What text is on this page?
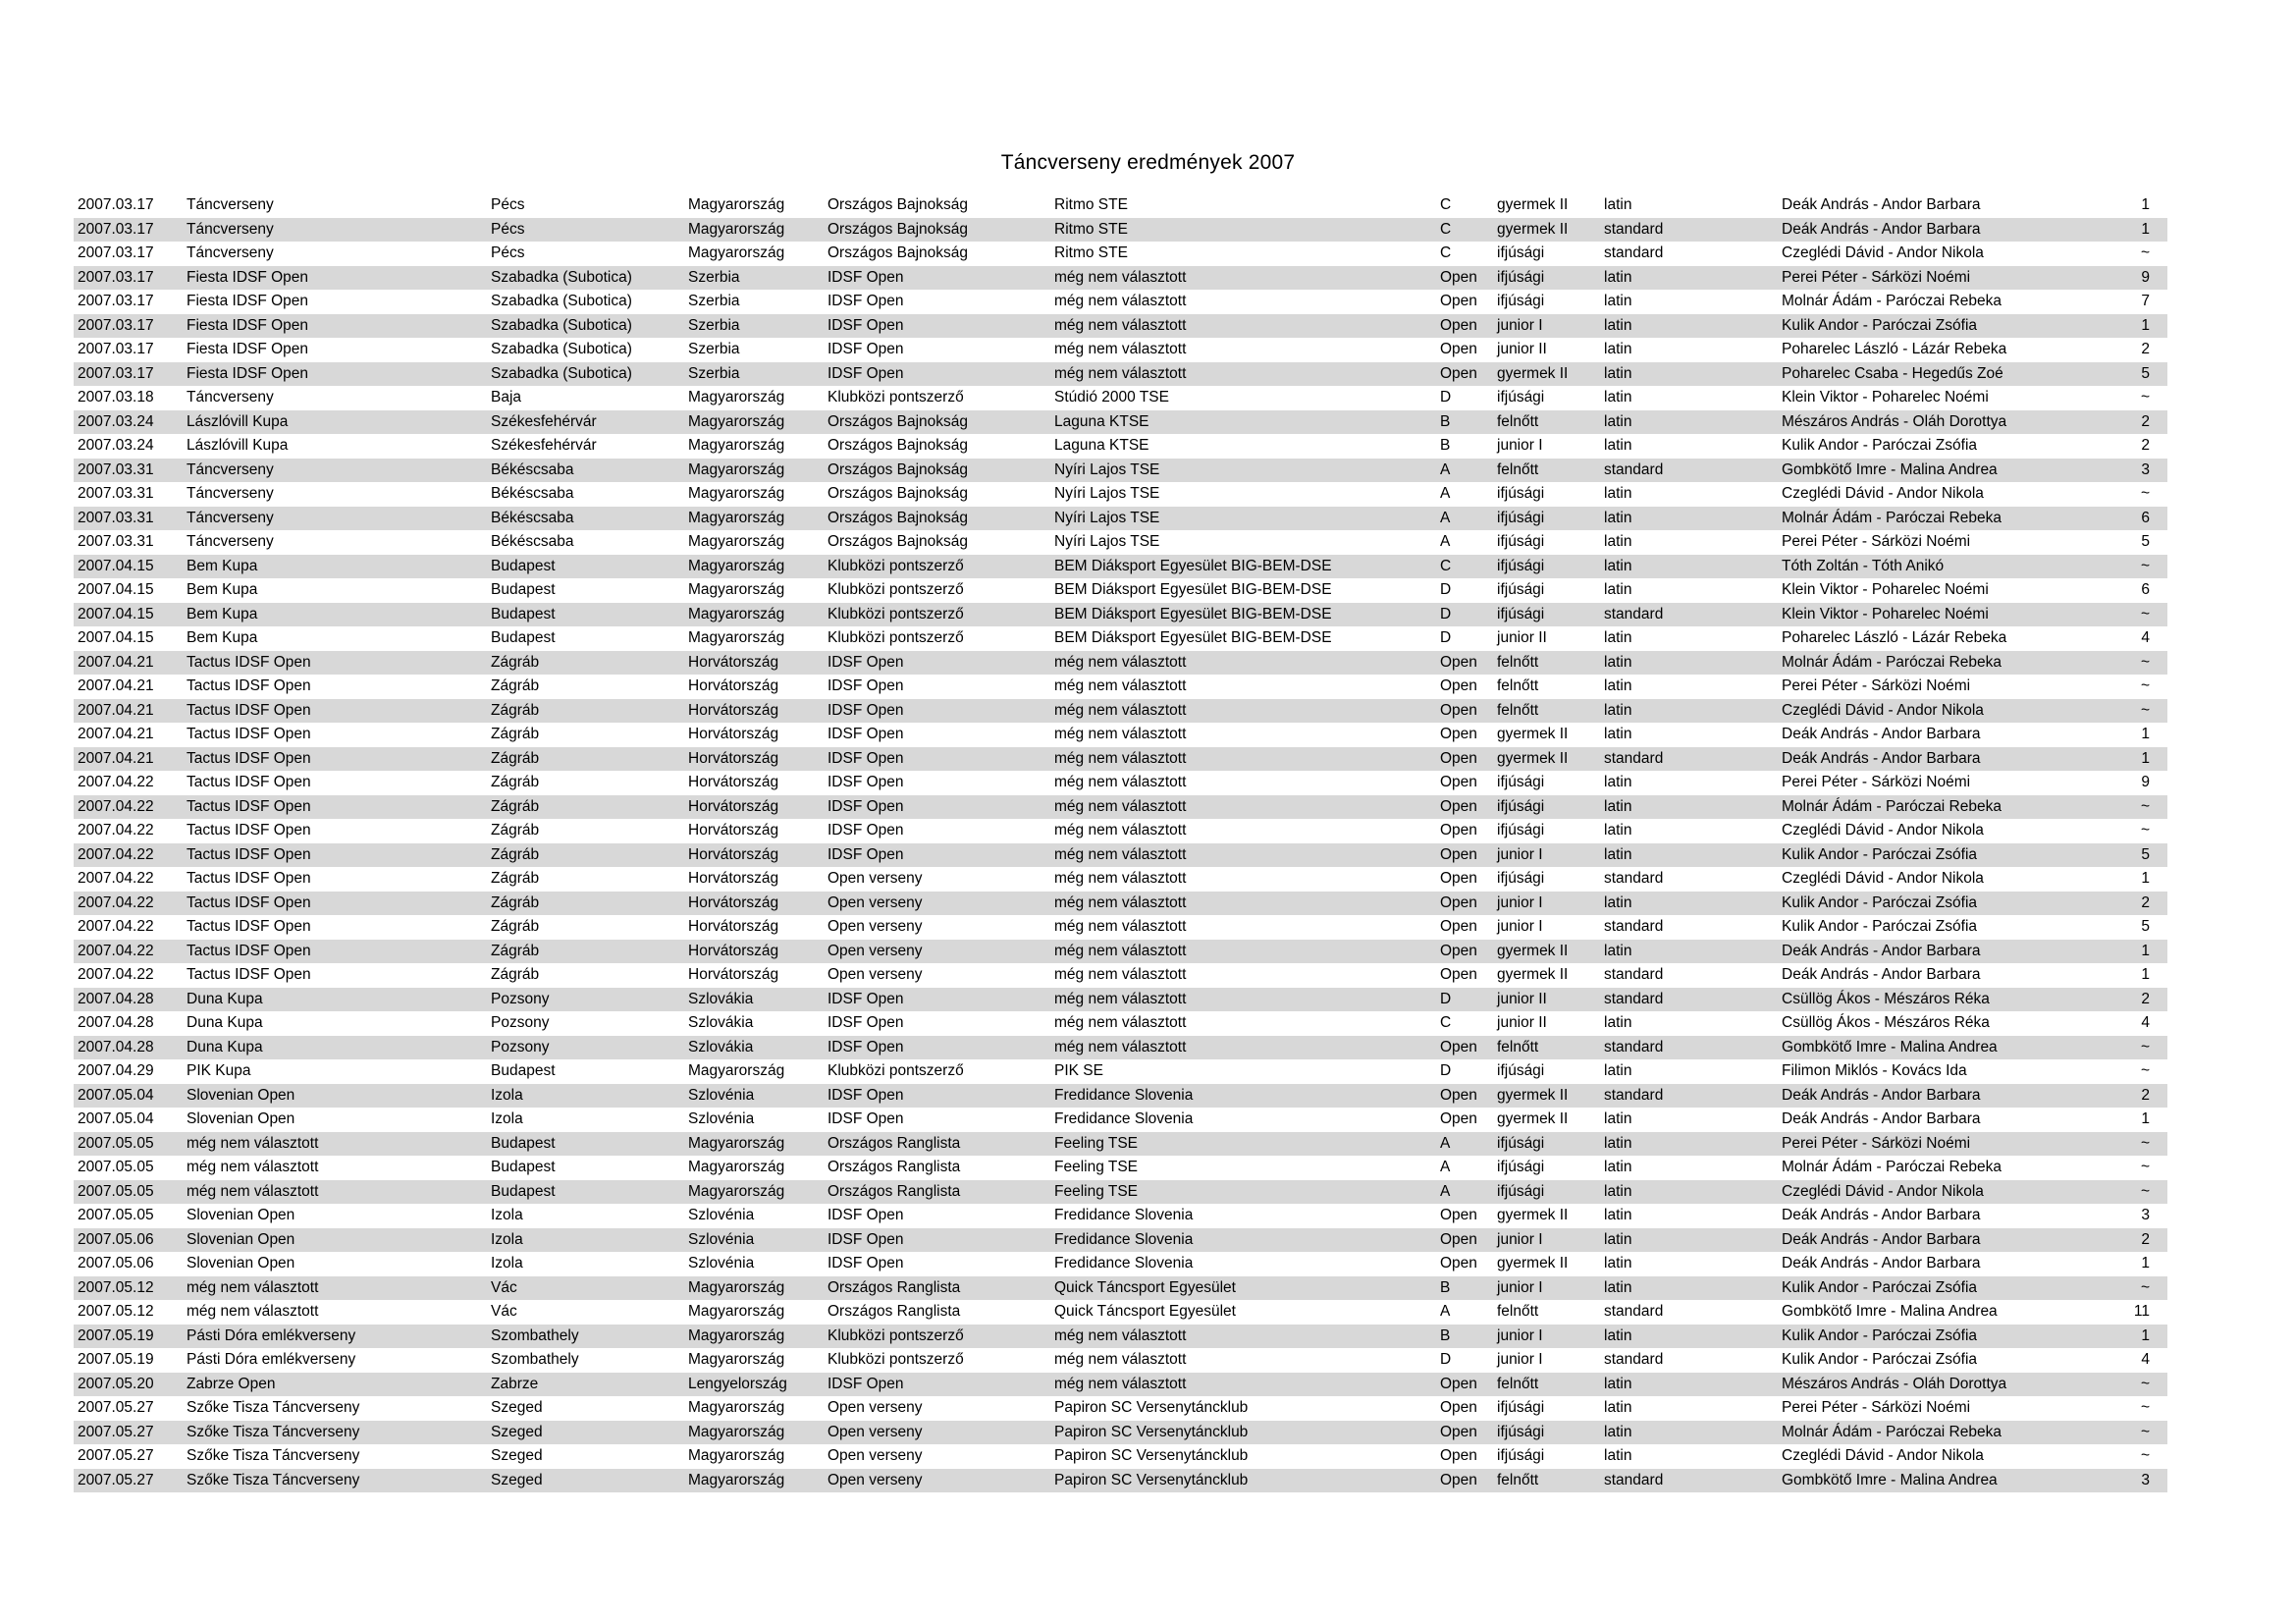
Táncverseny eredmények 2007
2007.03.17 Táncverseny	Pécs	Magyarország	Országos Bajnokság	Ritmo STE	C	gyermek II latin	Deák András - Andor Barbara	1
2007.03.17 Táncverseny	Pécs	Magyarország	Országos Bajnokság	Ritmo STE	C	gyermek II standard	Deák András - Andor Barbara	1
2007.03.17 Táncverseny	Pécs	Magyarország	Országos Bajnokság	Ritmo STE	C	ifjúsági	standard	Czeglédi Dávid - Andor Nikola	~
2007.03.17 Fiesta IDSF Open	Szabadka (Subotica)	Szerbia	IDSF Open	még nem választott	Open ifjúsági	latin	Perei Péter - Sárközi Noémi	9
2007.03.17 Fiesta IDSF Open	Szabadka (Subotica)	Szerbia	IDSF Open	még nem választott	Open ifjúsági	latin	Molnár Ádám - Paróczai Rebeka	7
2007.03.17 Fiesta IDSF Open	Szabadka (Subotica)	Szerbia	IDSF Open	még nem választott	Open junior I	latin	Kulik Andor - Paróczai Zsófia	1
2007.03.17 Fiesta IDSF Open	Szabadka (Subotica)	Szerbia	IDSF Open	még nem választott	Open junior II	latin	Poharelec László - Lázár Rebeka	2
2007.03.17 Fiesta IDSF Open	Szabadka (Subotica)	Szerbia	IDSF Open	még nem választott	Open gyermek II latin	Poharelec Csaba - Hegedűs Zoé	5
2007.03.18 Táncverseny	Baja	Magyarország	Klubközi pontszerző	Stúdió 2000 TSE	D	ifjúsági	latin	Klein Viktor - Poharelec Noémi	~
2007.03.24 Lászlóvill Kupa	Székesfehérvár	Magyarország	Országos Bajnokság	Laguna KTSE	B	felnőtt	latin	Mészáros András - Oláh Dorottya	2
2007.03.24 Lászlóvill Kupa	Székesfehérvár	Magyarország	Országos Bajnokság	Laguna KTSE	B	junior I	latin	Kulik Andor - Paróczai Zsófia	2
2007.03.31 Táncverseny	Békéscsaba	Magyarország	Országos Bajnokság	Nyíri Lajos TSE	A	felnőtt	standard	Gombkötő Imre - Malina Andrea	3
2007.03.31 Táncverseny	Békéscsaba	Magyarország	Országos Bajnokság	Nyíri Lajos TSE	A	ifjúsági	latin	Czeglédi Dávid - Andor Nikola	~
2007.03.31 Táncverseny	Békéscsaba	Magyarország	Országos Bajnokság	Nyíri Lajos TSE	A	ifjúsági	latin	Molnár Ádám - Paróczai Rebeka	6
2007.03.31 Táncverseny	Békéscsaba	Magyarország	Országos Bajnokság	Nyíri Lajos TSE	A	ifjúsági	latin	Perei Péter - Sárközi Noémi	5
2007.04.15 Bem Kupa	Budapest	Magyarország	Klubközi pontszerző	BEM Diáksport Egyesület BIG-BEM-DSE	C	ifjúsági	latin	Tóth Zoltán - Tóth Anikó	~
2007.04.15 Bem Kupa	Budapest	Magyarország	Klubközi pontszerző	BEM Diáksport Egyesület BIG-BEM-DSE	D	ifjúsági	latin	Klein Viktor - Poharelec Noémi	6
2007.04.15 Bem Kupa	Budapest	Magyarország	Klubközi pontszerző	BEM Diáksport Egyesület BIG-BEM-DSE	D	ifjúsági	standard	Klein Viktor - Poharelec Noémi	~
2007.04.15 Bem Kupa	Budapest	Magyarország	Klubközi pontszerző	BEM Diáksport Egyesület BIG-BEM-DSE	D	junior II	latin	Poharelec László - Lázár Rebeka	4
2007.04.21 Tactus IDSF Open	Zágráb	Horvátország	IDSF Open	még nem választott	Open felnőtt	latin	Molnár Ádám - Paróczai Rebeka	~
2007.04.21 Tactus IDSF Open	Zágráb	Horvátország	IDSF Open	még nem választott	Open felnőtt	latin	Perei Péter - Sárközi Noémi	~
2007.04.21 Tactus IDSF Open	Zágráb	Horvátország	IDSF Open	még nem választott	Open felnőtt	latin	Czeglédi Dávid - Andor Nikola	~
2007.04.21 Tactus IDSF Open	Zágráb	Horvátország	IDSF Open	még nem választott	Open gyermek II latin	Deák András - Andor Barbara	1
2007.04.21 Tactus IDSF Open	Zágráb	Horvátország	IDSF Open	még nem választott	Open gyermek II standard	Deák András - Andor Barbara	1
2007.04.22 Tactus IDSF Open	Zágráb	Horvátország	IDSF Open	még nem választott	Open ifjúsági	latin	Perei Péter - Sárközi Noémi	9
2007.04.22 Tactus IDSF Open	Zágráb	Horvátország	IDSF Open	még nem választott	Open ifjúsági	latin	Molnár Ádám - Paróczai Rebeka	~
2007.04.22 Tactus IDSF Open	Zágráb	Horvátország	IDSF Open	még nem választott	Open ifjúsági	latin	Czeglédi Dávid - Andor Nikola	~
2007.04.22 Tactus IDSF Open	Zágráb	Horvátország	IDSF Open	még nem választott	Open junior I	latin	Kulik Andor - Paróczai Zsófia	5
2007.04.22 Tactus IDSF Open	Zágráb	Horvátország	Open verseny	még nem választott	Open ifjúsági	standard	Czeglédi Dávid - Andor Nikola	1
2007.04.22 Tactus IDSF Open	Zágráb	Horvátország	Open verseny	még nem választott	Open junior I	latin	Kulik Andor - Paróczai Zsófia	2
2007.04.22 Tactus IDSF Open	Zágráb	Horvátország	Open verseny	még nem választott	Open junior I	standard	Kulik Andor - Paróczai Zsófia	5
2007.04.22 Tactus IDSF Open	Zágráb	Horvátország	Open verseny	még nem választott	Open gyermek II latin	Deák András - Andor Barbara	1
2007.04.22 Tactus IDSF Open	Zágráb	Horvátország	Open verseny	még nem választott	Open gyermek II standard	Deák András - Andor Barbara	1
2007.04.28 Duna Kupa	Pozsony	Szlovákia	IDSF Open	még nem választott	D	junior II	standard	Csüllög Ákos - Mészáros Réka	2
2007.04.28 Duna Kupa	Pozsony	Szlovákia	IDSF Open	még nem választott	C	junior II	latin	Csüllög Ákos - Mészáros Réka	4
2007.04.28 Duna Kupa	Pozsony	Szlovákia	IDSF Open	még nem választott	Open felnőtt	standard	Gombkötő Imre - Malina Andrea	~
2007.04.29 PIK Kupa	Budapest	Magyarország	Klubközi pontszerző	PIK SE	D	ifjúsági	latin	Filimon Miklós - Kovács Ida	~
2007.05.04 Slovenian Open	Izola	Szlovénia	IDSF Open	Fredidance Slovenia	Open gyermek II standard	Deák András - Andor Barbara	2
2007.05.04 Slovenian Open	Izola	Szlovénia	IDSF Open	Fredidance Slovenia	Open gyermek II latin	Deák András - Andor Barbara	1
2007.05.05 még nem választott	Budapest	Magyarország	Országos Ranglista	Feeling TSE	A	ifjúsági	latin	Perei Péter - Sárközi Noémi	~
2007.05.05 még nem választott	Budapest	Magyarország	Országos Ranglista	Feeling TSE	A	ifjúsági	latin	Molnár Ádám - Paróczai Rebeka	~
2007.05.05 még nem választott	Budapest	Magyarország	Országos Ranglista	Feeling TSE	A	ifjúsági	latin	Czeglédi Dávid - Andor Nikola	~
2007.05.05 Slovenian Open	Izola	Szlovénia	IDSF Open	Fredidance Slovenia	Open gyermek II latin	Deák András - Andor Barbara	3
2007.05.06 Slovenian Open	Izola	Szlovénia	IDSF Open	Fredidance Slovenia	Open junior I	latin	Deák András - Andor Barbara	2
2007.05.06 Slovenian Open	Izola	Szlovénia	IDSF Open	Fredidance Slovenia	Open gyermek II latin	Deák András - Andor Barbara	1
2007.05.12 még nem választott	Vác	Magyarország	Országos Ranglista	Quick Táncsport Egyesület	B	junior I	latin	Kulik Andor - Paróczai Zsófia	~
2007.05.12 még nem választott	Vác	Magyarország	Országos Ranglista	Quick Táncsport Egyesület	A	felnőtt	standard	Gombkötő Imre - Malina Andrea	11
2007.05.19 Pásti Dóra emlékverseny	Szombathely	Magyarország	Klubközi pontszerző	még nem választott	B	junior I	latin	Kulik Andor - Paróczai Zsófia	1
2007.05.19 Pásti Dóra emlékverseny	Szombathely	Magyarország	Klubközi pontszerző	még nem választott	D	junior I	standard	Kulik Andor - Paróczai Zsófia	4
2007.05.20 Zabrze Open	Zabrze	Lengyelország	IDSF Open	még nem választott	Open felnőtt	latin	Mészáros András - Oláh Dorottya	~
2007.05.27 Szőke Tisza Táncverseny	Szeged	Magyarország	Open verseny	Papiron SC Versenytáncklub	Open ifjúsági	latin	Perei Péter - Sárközi Noémi	~
2007.05.27 Szőke Tisza Táncverseny	Szeged	Magyarország	Open verseny	Papiron SC Versenytáncklub	Open ifjúsági	latin	Molnár Ádám - Paróczai Rebeka	~
2007.05.27 Szőke Tisza Táncverseny	Szeged	Magyarország	Open verseny	Papiron SC Versenytáncklub	Open ifjúsági	latin	Czeglédi Dávid - Andor Nikola	~
2007.05.27 Szőke Tisza Táncverseny	Szeged	Magyarország	Open verseny	Papiron SC Versenytáncklub	Open felnőtt	standard	Gombkötő Imre - Malina Andrea	3
